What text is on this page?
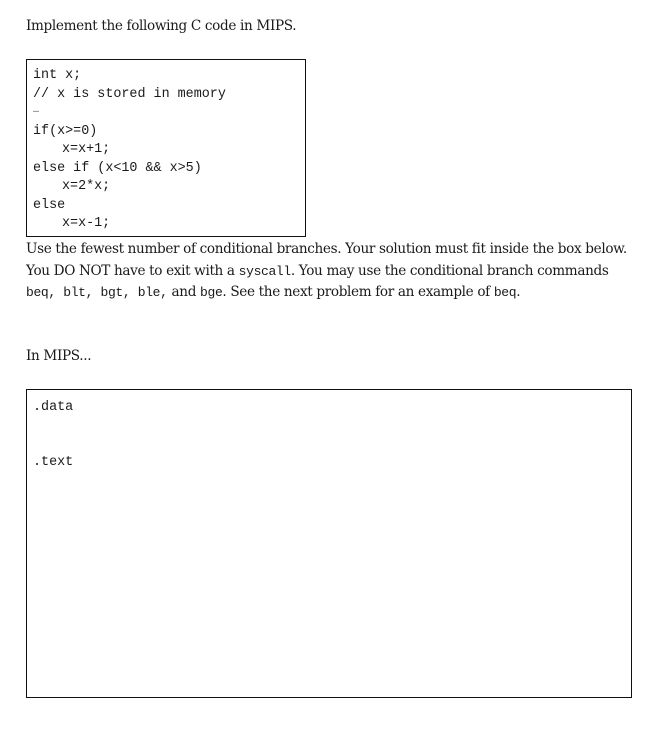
Implement the following C code in MIPS.
int x;
// x is stored in memory
…
if(x>=0)
x=x+1;
else if (x<10 && x>5)
x=2*x;
else
x=x-1;
Use the fewest number of conditional branches. Your solution must fit inside the box below. You DO NOT have to exit with a syscall. You may use the conditional branch commands beq, blt, bgt, ble, and bge. See the next problem for an example of beq.
In MIPS...
.data
.text
